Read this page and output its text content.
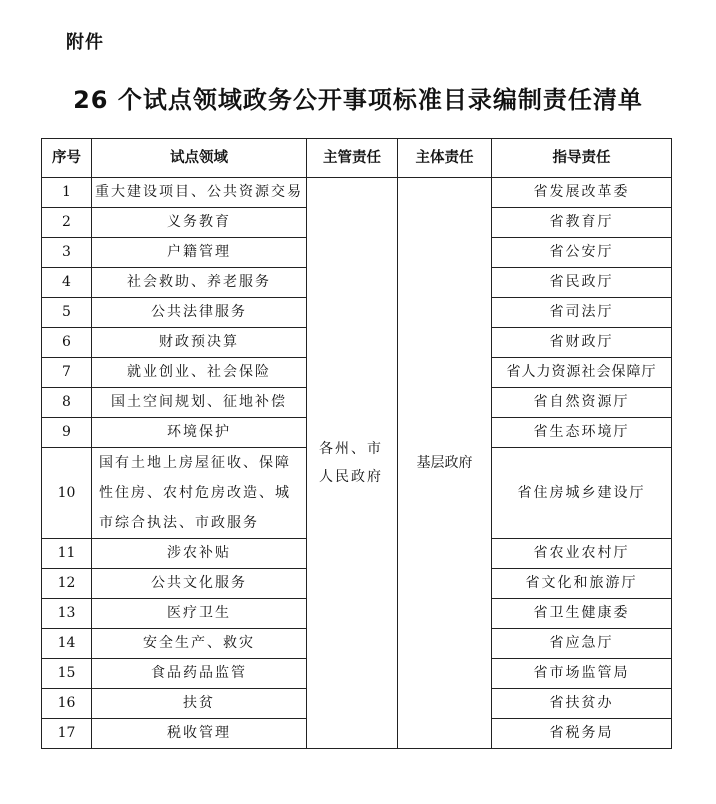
附件
26 个试点领域政务公开事项标准目录编制责任清单
序号	试点领域	主管责任	主体责任	指导责任
1	重大建设项目、公共资源交易	各州、市人民政府	基层政府	省发展改革委
2	义务教育			省教育厅
3	户籍管理			省公安厅
4	社会救助、养老服务			省民政厅
5	公共法律服务			省司法厅
6	财政预决算			省财政厅
7	就业创业、社会保险			省人力资源社会保障厅
8	国土空间规划、征地补偿			省自然资源厅
9	环境保护			省生态环境厅
10	国有土地上房屋征收、保障性住房、农村危房改造、城市综合执法、市政服务			省住房城乡建设厅
11	涉农补贴			省农业农村厅
12	公共文化服务			省文化和旅游厅
13	医疗卫生			省卫生健康委
14	安全生产、救灾			省应急厅
15	食品药品监管			省市场监管局
16	扶贫			省扶贫办
17	税收管理			省税务局
